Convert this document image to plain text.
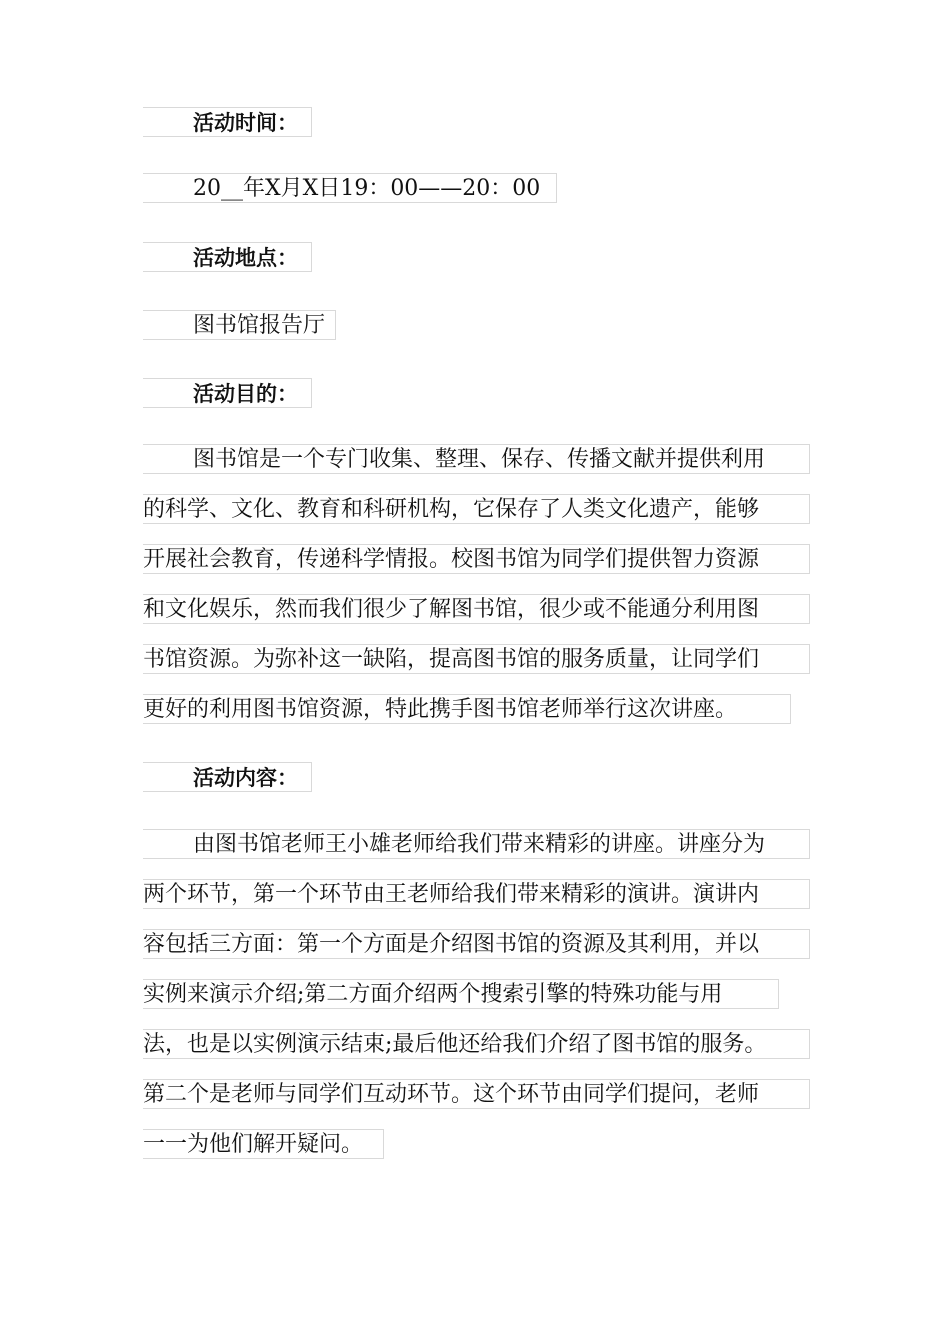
活动时间：
20__年X月X日19：00——20：00
活动地点：
图书馆报告厅
活动目的：
图书馆是一个专门收集、整理、保存、传播文献并提供利用
的科学、文化、教育和科研机构，它保存了人类文化遗产，能够
开展社会教育，传递科学情报。校图书馆为同学们提供智力资源
和文化娱乐，然而我们很少了解图书馆，很少或不能通分利用图
书馆资源。为弥补这一缺陷，提高图书馆的服务质量，让同学们
更好的利用图书馆资源，特此携手图书馆老师举行这次讲座。
活动内容：
由图书馆老师王小雄老师给我们带来精彩的讲座。讲座分为
两个环节，第一个环节由王老师给我们带来精彩的演讲。演讲内
容包括三方面：第一个方面是介绍图书馆的资源及其利用，并以
实例来演示介绍;第二方面介绍两个搜索引擎的特殊功能与用
法，也是以实例演示结束;最后他还给我们介绍了图书馆的服务。
第二个是老师与同学们互动环节。这个环节由同学们提问，老师
一一为他们解开疑问。
